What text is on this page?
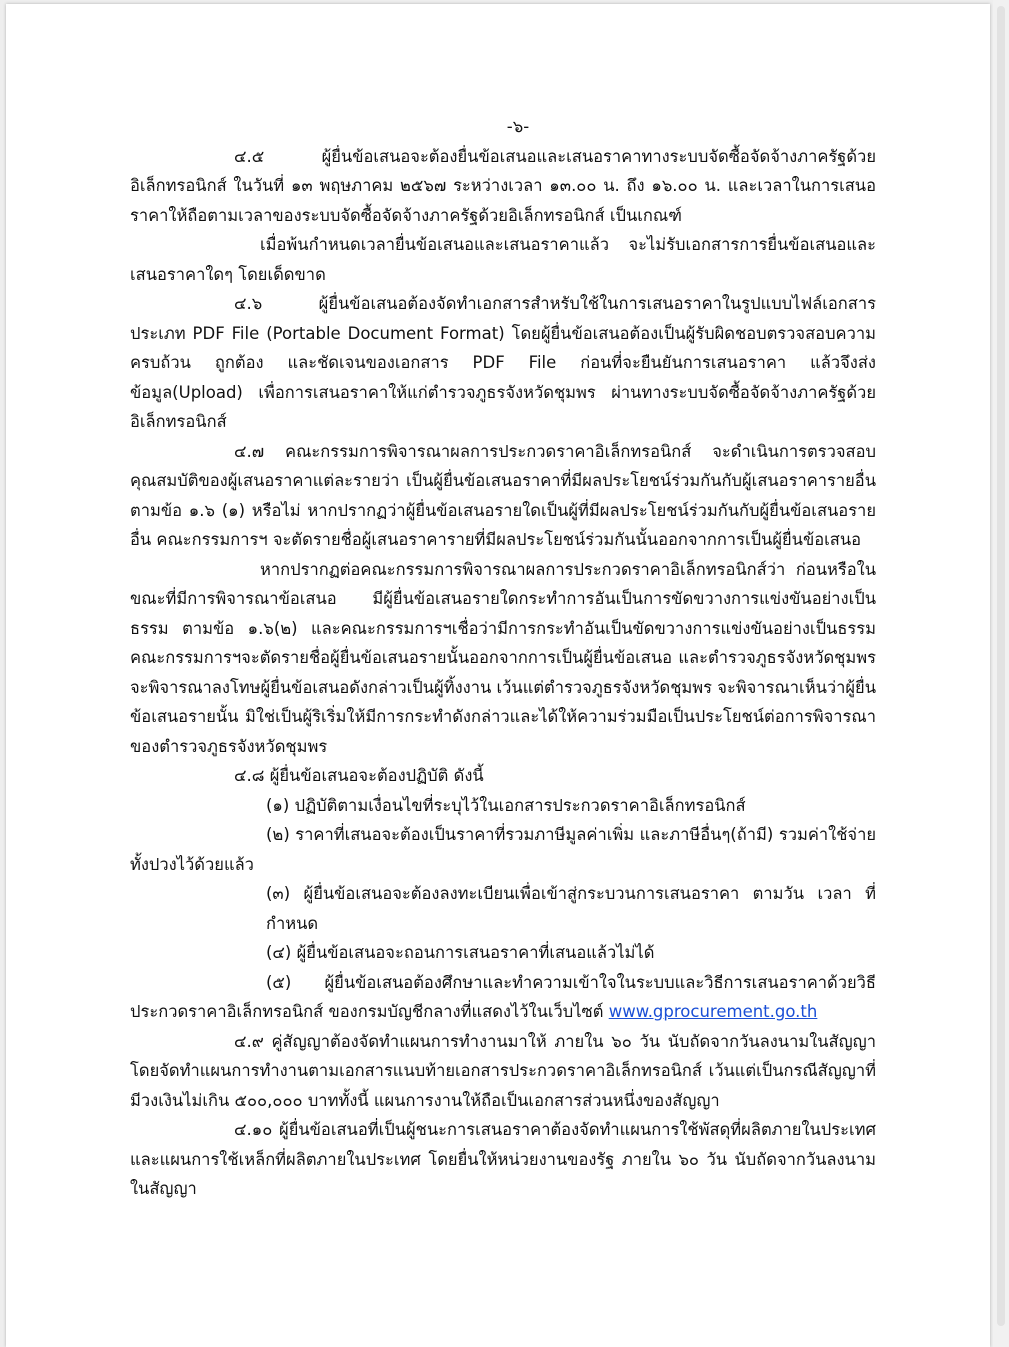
-๖-

๔.๕ ผู้ยื่นข้อเสนอจะต้องยื่นข้อเสนอและเสนอราคาทางระบบจัดซื้อจัดจ้างภาครัฐด้วยอิเล็กทรอนิกส์ ในวันที่ ๑๓ พฤษภาคม ๒๕๖๗ ระหว่างเวลา ๑๓.๐๐ น. ถึง ๑๖.๐๐ น. และเวลาในการเสนอราคาให้ถือตามเวลาของระบบจัดซื้อจัดจ้างภาครัฐด้วยอิเล็กทรอนิกส์ เป็นเกณฑ์

เมื่อพ้นกำหนดเวลายื่นข้อเสนอและเสนอราคาแล้ว จะไม่รับเอกสารการยื่นข้อเสนอและเสนอราคาใดๆ โดยเด็ดขาด

๔.๖ ผู้ยื่นข้อเสนอต้องจัดทำเอกสารสำหรับใช้ในการเสนอราคาในรูปแบบไฟล์เอกสารประเภท PDF File (Portable Document Format) โดยผู้ยื่นข้อเสนอต้องเป็นผู้รับผิดชอบตรวจสอบความครบถ้วน ถูกต้อง และชัดเจนของเอกสาร PDF File ก่อนที่จะยืนยันการเสนอราคา แล้วจึงส่งข้อมูล(Upload) เพื่อการเสนอราคาให้แก่ตำรวจภูธรจังหวัดชุมพร ผ่านทางระบบจัดซื้อจัดจ้างภาครัฐด้วยอิเล็กทรอนิกส์

๔.๗ คณะกรรมการพิจารณาผลการประกวดราคาอิเล็กทรอนิกส์ จะดำเนินการตรวจสอบคุณสมบัติของผู้เสนอราคาแต่ละรายว่า เป็นผู้ยื่นข้อเสนอราคาที่มีผลประโยชน์ร่วมกันกับผู้เสนอราคารายอื่น ตามข้อ ๑.๖ (๑) หรือไม่ หากปรากฏว่าผู้ยื่นข้อเสนอรายใดเป็นผู้ที่มีผลประโยชน์ร่วมกันกับผู้ยื่นข้อเสนอรายอื่น คณะกรรมการฯ จะตัดรายชื่อผู้เสนอราคารายที่มีผลประโยชน์ร่วมกันนั้นออกจากการเป็นผู้ยื่นข้อเสนอ

หากปรากฏต่อคณะกรรมการพิจารณาผลการประกวดราคาอิเล็กทรอนิกส์ว่า ก่อนหรือในขณะที่มีการพิจารณาข้อเสนอ มีผู้ยื่นข้อเสนอรายใดกระทำการอันเป็นการขัดขวางการแข่งขันอย่างเป็นธรรม ตามข้อ ๑.๖(๒) และคณะกรรมการฯเชื่อว่ามีการกระทำอันเป็นขัดขวางการแข่งขันอย่างเป็นธรรม คณะกรรมการฯจะตัดรายชื่อผู้ยื่นข้อเสนอรายนั้นออกจากการเป็นผู้ยื่นข้อเสนอ และตำรวจภูธรจังหวัดชุมพร จะพิจารณาลงโทษผู้ยื่นข้อเสนอดังกล่าวเป็นผู้ทิ้งงาน เว้นแต่ตำรวจภูธรจังหวัดชุมพร จะพิจารณาเห็นว่าผู้ยื่นข้อเสนอรายนั้น มิใช่เป็นผู้ริเริ่มให้มีการกระทำดังกล่าวและได้ให้ความร่วมมือเป็นประโยชน์ต่อการพิจารณาของตำรวจภูธรจังหวัดชุมพร

๔.๘ ผู้ยื่นข้อเสนอจะต้องปฏิบัติ ดังนี้

(๑) ปฏิบัติตามเงื่อนไขที่ระบุไว้ในเอกสารประกวดราคาอิเล็กทรอนิกส์

(๒) ราคาที่เสนอจะต้องเป็นราคาที่รวมภาษีมูลค่าเพิ่ม และภาษีอื่นๆ(ถ้ามี) รวมค่าใช้จ่ายทั้งปวงไว้ด้วยแล้ว

(๓) ผู้ยื่นข้อเสนอจะต้องลงทะเบียนเพื่อเข้าสู่กระบวนการเสนอราคา ตามวัน เวลา ที่กำหนด

(๔) ผู้ยื่นข้อเสนอจะถอนการเสนอราคาที่เสนอแล้วไม่ได้

(๕) ผู้ยื่นข้อเสนอต้องศึกษาและทำความเข้าใจในระบบและวิธีการเสนอราคาด้วยวิธีประกวดราคาอิเล็กทรอนิกส์ ของกรมบัญชีกลางที่แสดงไว้ในเว็บไซต์ www.gprocurement.go.th

๔.๙ คู่สัญญาต้องจัดทำแผนการทำงานมาให้ ภายใน ๖๐ วัน นับถัดจากวันลงนามในสัญญา โดยจัดทำแผนการทำงานตามเอกสารแนบท้ายเอกสารประกวดราคาอิเล็กทรอนิกส์ เว้นแต่เป็นกรณีสัญญาที่มีวงเงินไม่เกิน ๕๐๐,๐๐๐ บาททั้งนี้ แผนการงานให้ถือเป็นเอกสารส่วนหนึ่งของสัญญา

๔.๑๐ ผู้ยื่นข้อเสนอที่เป็นผู้ชนะการเสนอราคาต้องจัดทำแผนการใช้พัสดุที่ผลิตภายในประเทศและแผนการใช้เหล็กที่ผลิตภายในประเทศ โดยยื่นให้หน่วยงานของรัฐ ภายใน ๖๐ วัน นับถัดจากวันลงนามในสัญญา
